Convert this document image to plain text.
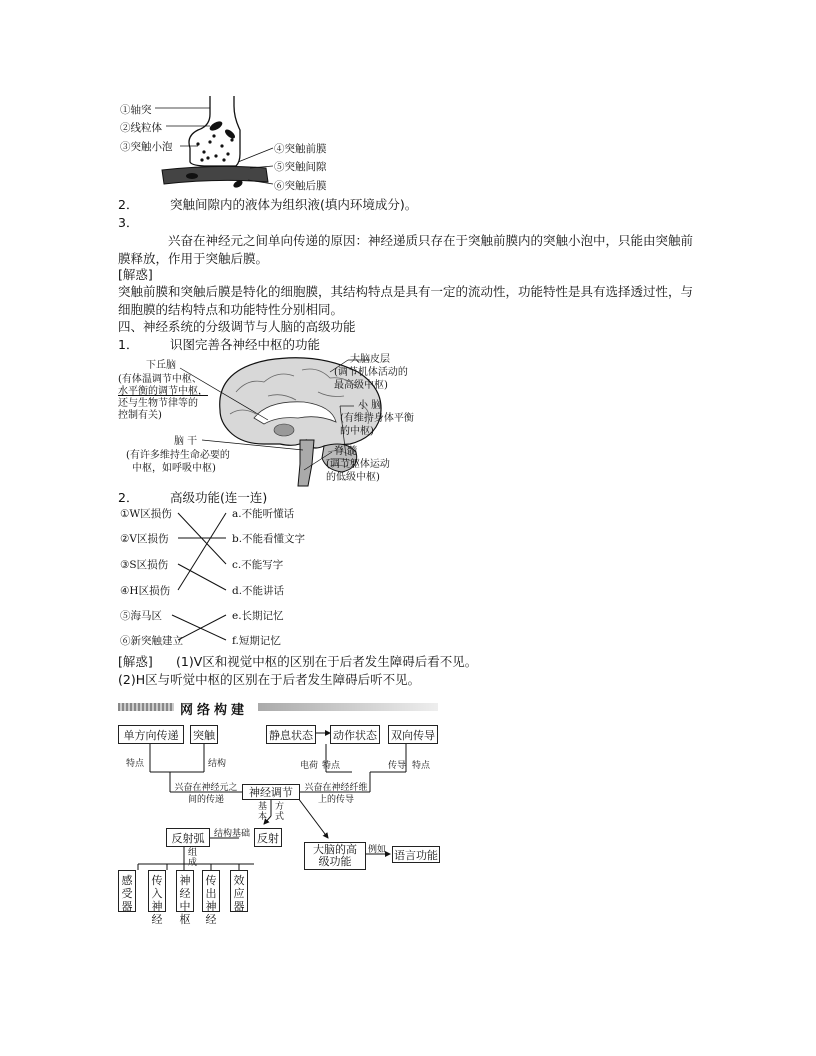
①轴突
②线粒体
③突触小泡	④突触前膜
⑤突触间隙
⑥突触后膜
2．	突触间隙内的液体为组织液(填内环境成分)。
3．
兴奋在神经元之间单向传递的原因：神经递质只存在于突触前膜内的突触小泡中，只能由突触前膜释放，作用于突触后膜。
[解惑]
突触前膜和突触后膜是特化的细胞膜，其结构特点是具有一定的流动性，功能特性是具有选择透过性，与细胞膜的结构特点和功能特性分别相同。
四、神经系统的分级调节与人脑的高级功能
1．	识图完善各神经中枢的功能
下丘脑
(有体温调节中枢、
水平衡的调节中枢，
还与生物节律等的
控制有关)
脑 干
(有许多维持生命必要的
中枢，如呼吸中枢)
大脑皮层
(调节机体活动的
最高级中枢)
小 脑
(有维持身体平衡
的中枢)
脊 髓
(调节躯体运动
的低级中枢)
2．	高级功能(连一连)
①W区损伤
②V区损伤
③S区损伤
④H区损伤
⑤海马区
⑥新突触建立
a.不能听懂话
b.不能看懂文字
c.不能写字
d.不能讲话
e.长期记忆
f.短期记忆
[解惑] (1)V区和视觉中枢的区别在于后者发生障碍后看不见。
(2)H区与听觉中枢的区别在于后者发生障碍后听不见。
网络构建
单方向传递	突触	静息状态 动作状态 双向传导
特点	结构
兴奋在神经元之间的传递
电荷 特点	传导 特点
兴奋在神经纤维上的传导
神经调节
基本
方式
反射弧	结构基础 反射
组成
大脑的高级功能
例如 语言功能
感受器
传入神经
神经中枢
传出神经
效应器
